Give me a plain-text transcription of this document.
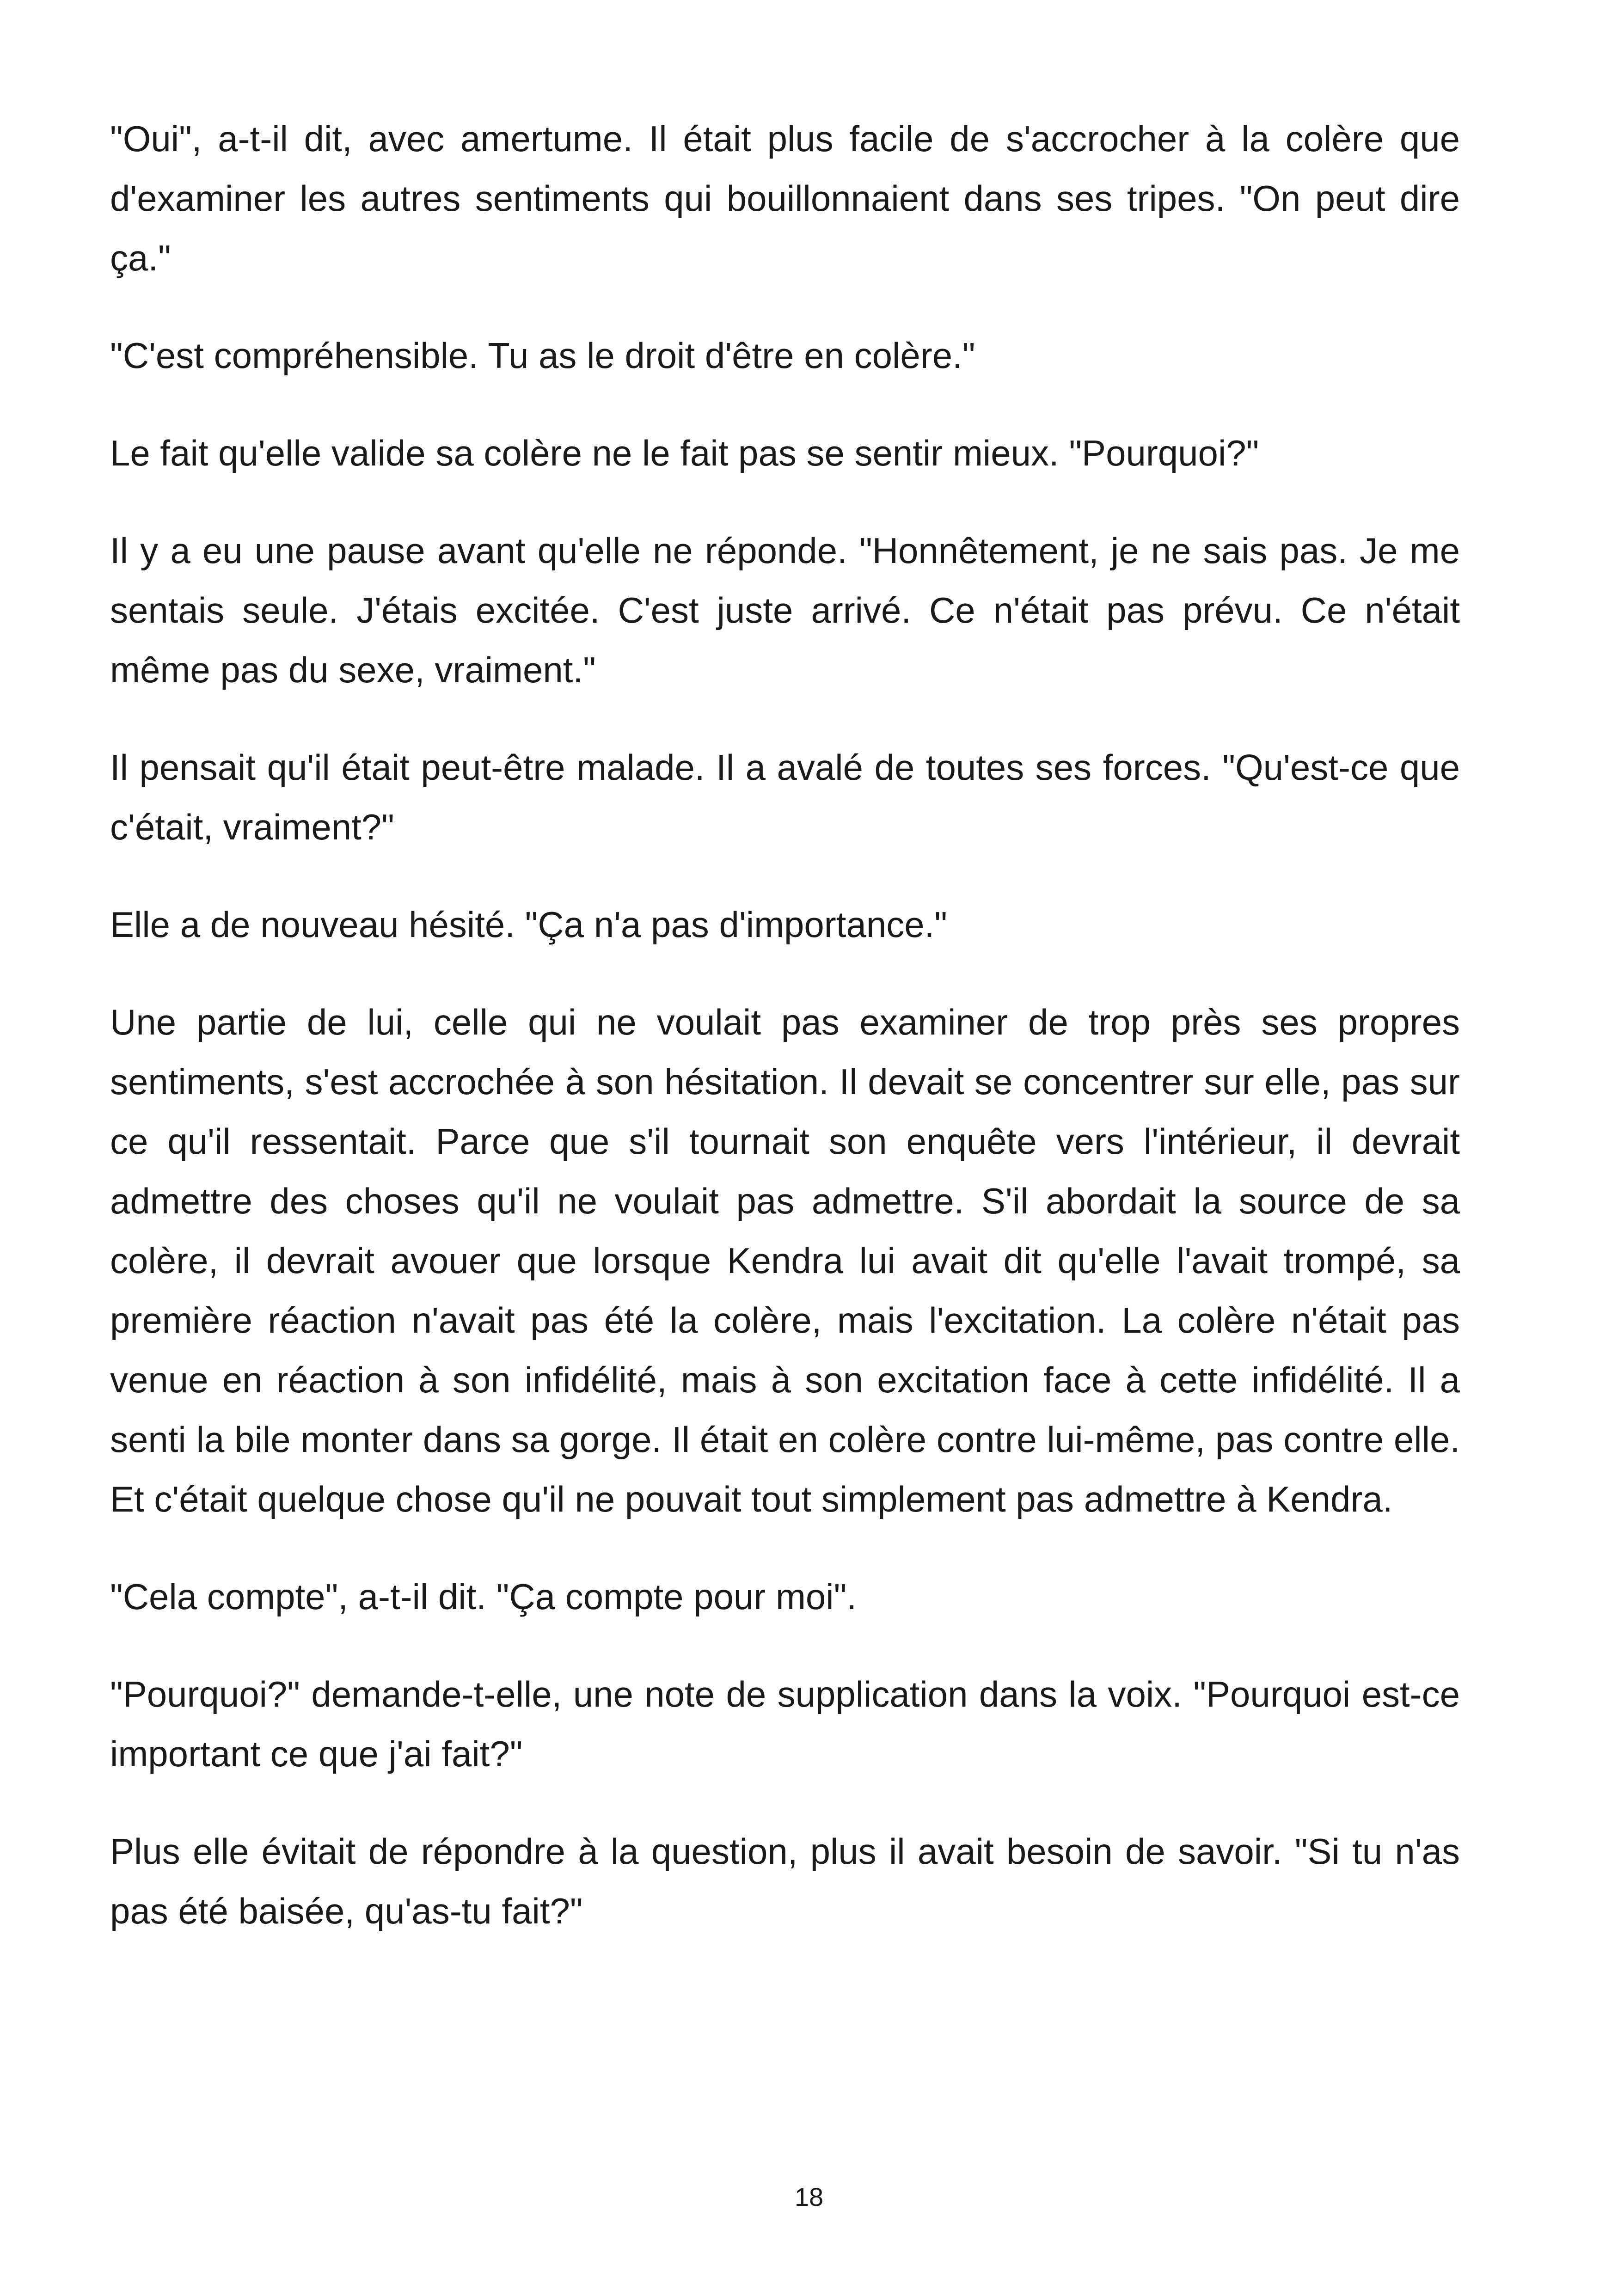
"Oui", a-t-il dit, avec amertume. Il était plus facile de s'accrocher à la colère que d'examiner les autres sentiments qui bouillonnaient dans ses tripes. "On peut dire ça."

"C'est compréhensible. Tu as le droit d'être en colère."

Le fait qu'elle valide sa colère ne le fait pas se sentir mieux. "Pourquoi?"

Il y a eu une pause avant qu'elle ne réponde. "Honnêtement, je ne sais pas. Je me sentais seule. J'étais excitée. C'est juste arrivé. Ce n'était pas prévu. Ce n'était même pas du sexe, vraiment."

Il pensait qu'il était peut-être malade. Il a avalé de toutes ses forces. "Qu'est-ce que c'était, vraiment?"

Elle a de nouveau hésité. "Ça n'a pas d'importance."

Une partie de lui, celle qui ne voulait pas examiner de trop près ses propres sentiments, s'est accrochée à son hésitation. Il devait se concentrer sur elle, pas sur ce qu'il ressentait. Parce que s'il tournait son enquête vers l'intérieur, il devrait admettre des choses qu'il ne voulait pas admettre. S'il abordait la source de sa colère, il devrait avouer que lorsque Kendra lui avait dit qu'elle l'avait trompé, sa première réaction n'avait pas été la colère, mais l'excitation. La colère n'était pas venue en réaction à son infidélité, mais à son excitation face à cette infidélité. Il a senti la bile monter dans sa gorge. Il était en colère contre lui-même, pas contre elle. Et c'était quelque chose qu'il ne pouvait tout simplement pas admettre à Kendra.

"Cela compte", a-t-il dit. "Ça compte pour moi".

"Pourquoi?" demande-t-elle, une note de supplication dans la voix. "Pourquoi est-ce important ce que j'ai fait?"

Plus elle évitait de répondre à la question, plus il avait besoin de savoir. "Si tu n'as pas été baisée, qu'as-tu fait?"

18
